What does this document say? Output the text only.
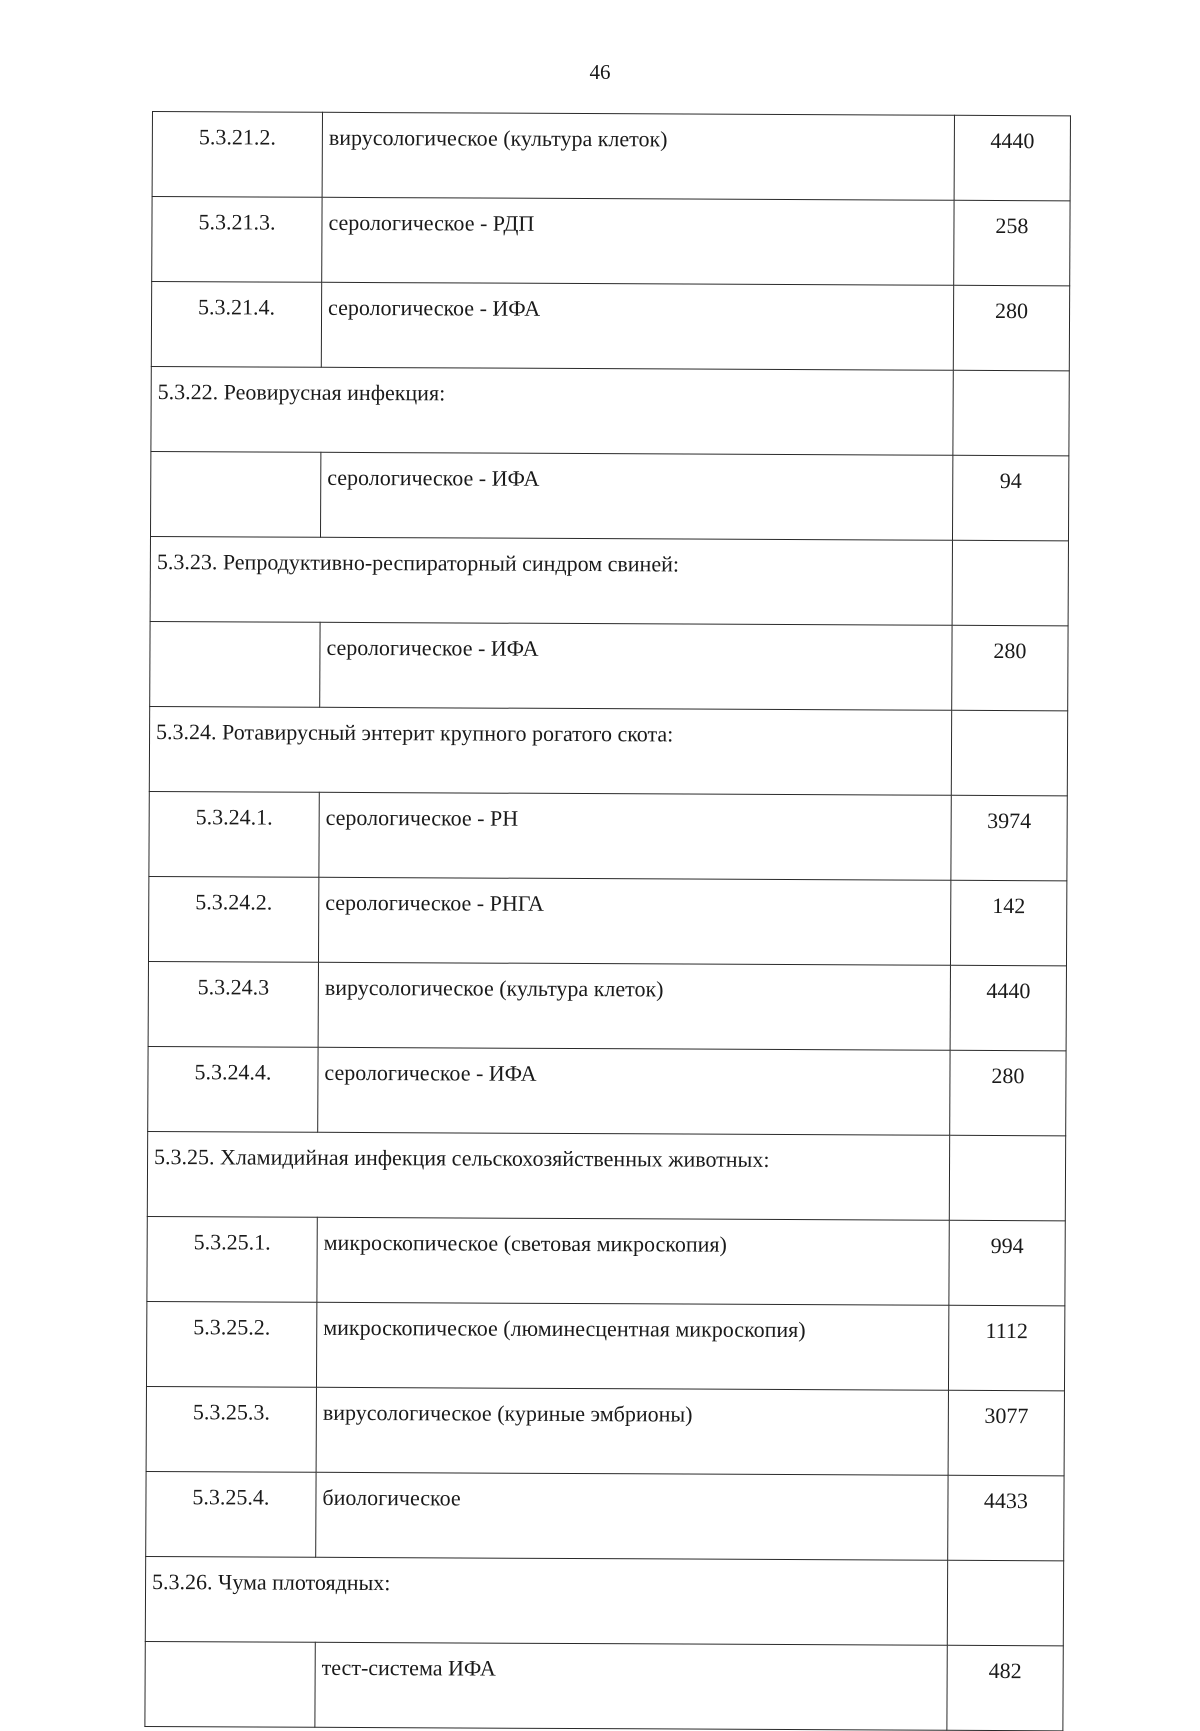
46
5.3.21.2.	вирусологическое (культура клеток)	4440
5.3.21.3.	серологическое - РДП	258
5.3.21.4.	серологическое - ИФА	280
5.3.22. Реовирусная инфекция:		
	серологическое - ИФА	94
5.3.23. Репродуктивно-респираторный синдром свиней:		
	серологическое - ИФА	280
5.3.24. Ротавирусный энтерит крупного рогатого скота:		
5.3.24.1.	серологическое - РН	3974
5.3.24.2.	серологическое - РНГА	142
5.3.24.3	вирусологическое (культура клеток)	4440
5.3.24.4.	серологическое - ИФА	280
5.3.25. Хламидийная инфекция сельскохозяйственных животных:		
5.3.25.1.	микроскопическое (световая микроскопия)	994
5.3.25.2.	микроскопическое (люминесцентная микроскопия)	1112
5.3.25.3.	вирусологическое (куриные эмбрионы)	3077
5.3.25.4.	биологическое	4433
5.3.26. Чума плотоядных:		
	тест-система ИФА	482
